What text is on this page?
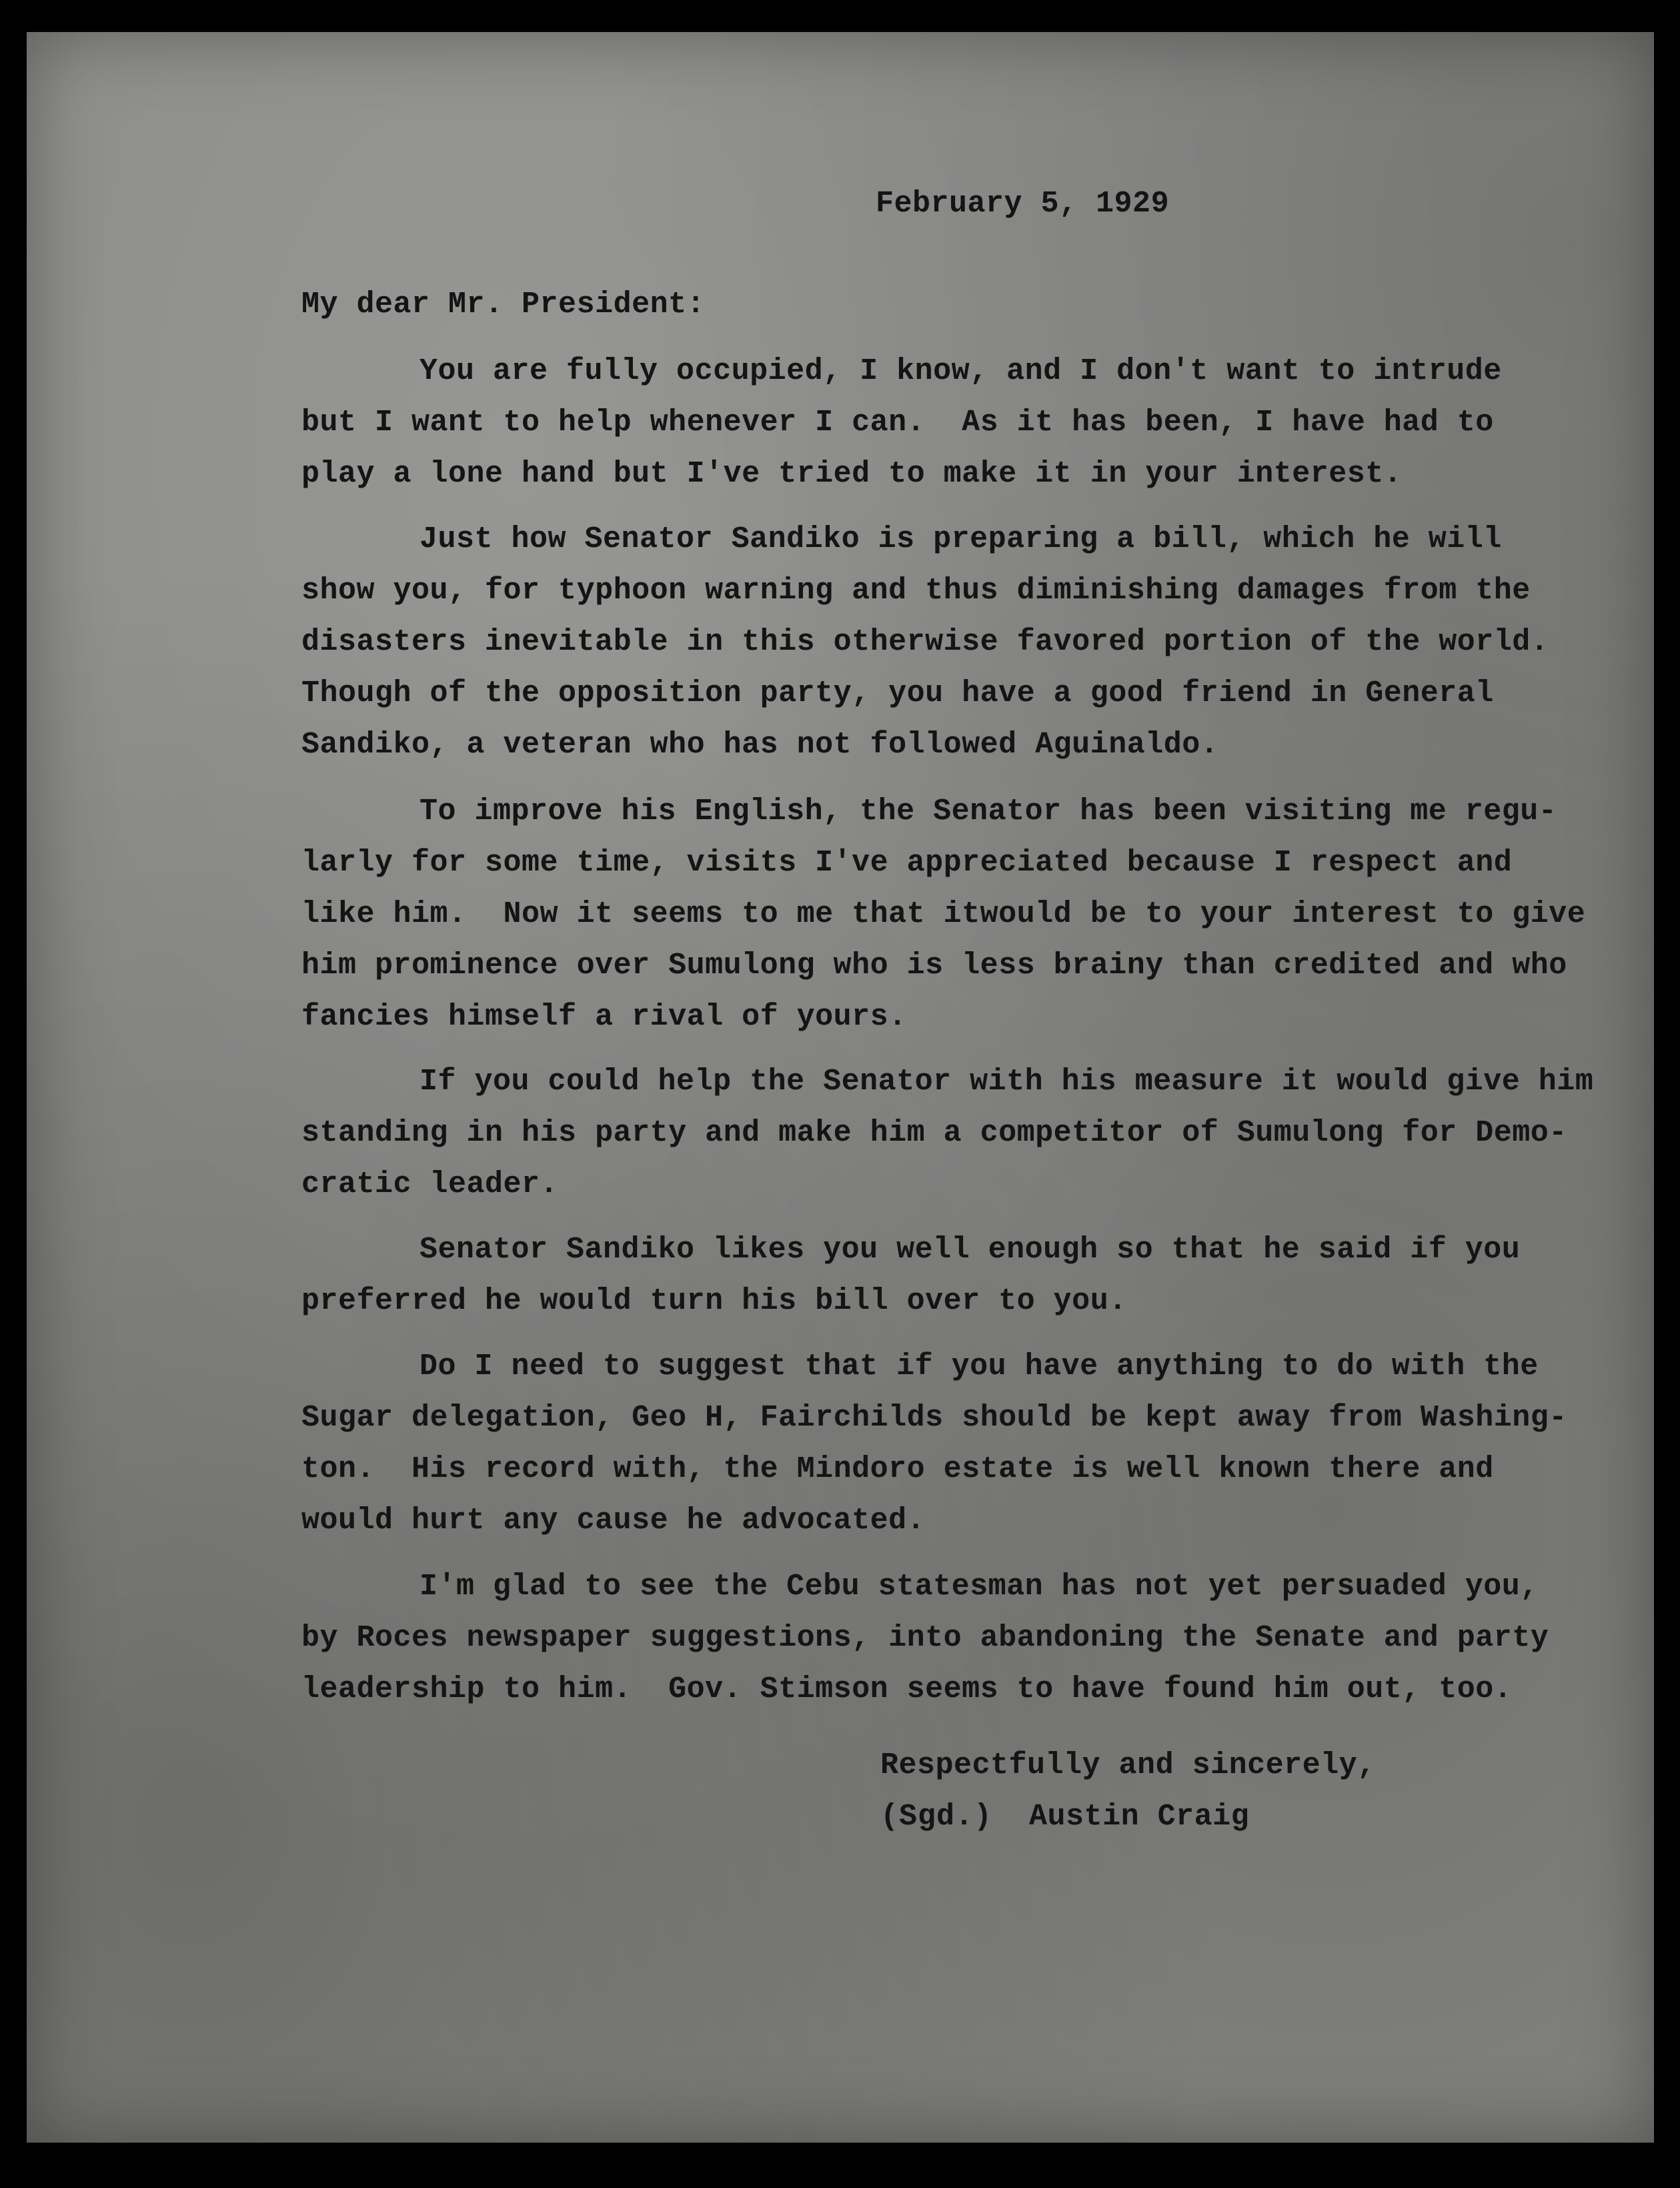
February 5, 1929
My dear Mr. President:
You are fully occupied, I know, and I don't want to intrude
but I want to help whenever I can.  As it has been, I have had to
play a lone hand but I've tried to make it in your interest.
Just how Senator Sandiko is preparing a bill, which he will
show you, for typhoon warning and thus diminishing damages from the
disasters inevitable in this otherwise favored portion of the world.
Though of the opposition party, you have a good friend in General
Sandiko, a veteran who has not followed Aguinaldo.
To improve his English, the Senator has been visiting me regu-
larly for some time, visits I've appreciated because I respect and
like him.  Now it seems to me that itwould be to your interest to give
him prominence over Sumulong who is less brainy than credited and who
fancies himself a rival of yours.
If you could help the Senator with his measure it would give him
standing in his party and make him a competitor of Sumulong for Demo-
cratic leader.
Senator Sandiko likes you well enough so that he said if you
preferred he would turn his bill over to you.
Do I need to suggest that if you have anything to do with the
Sugar delegation, Geo H, Fairchilds should be kept away from Washing-
ton.  His record with, the Mindoro estate is well known there and
would hurt any cause he advocated.
I'm glad to see the Cebu statesman has not yet persuaded you,
by Roces newspaper suggestions, into abandoning the Senate and party
leadership to him.  Gov. Stimson seems to have found him out, too.
Respectfully and sincerely,
(Sgd.) Austin Craig
